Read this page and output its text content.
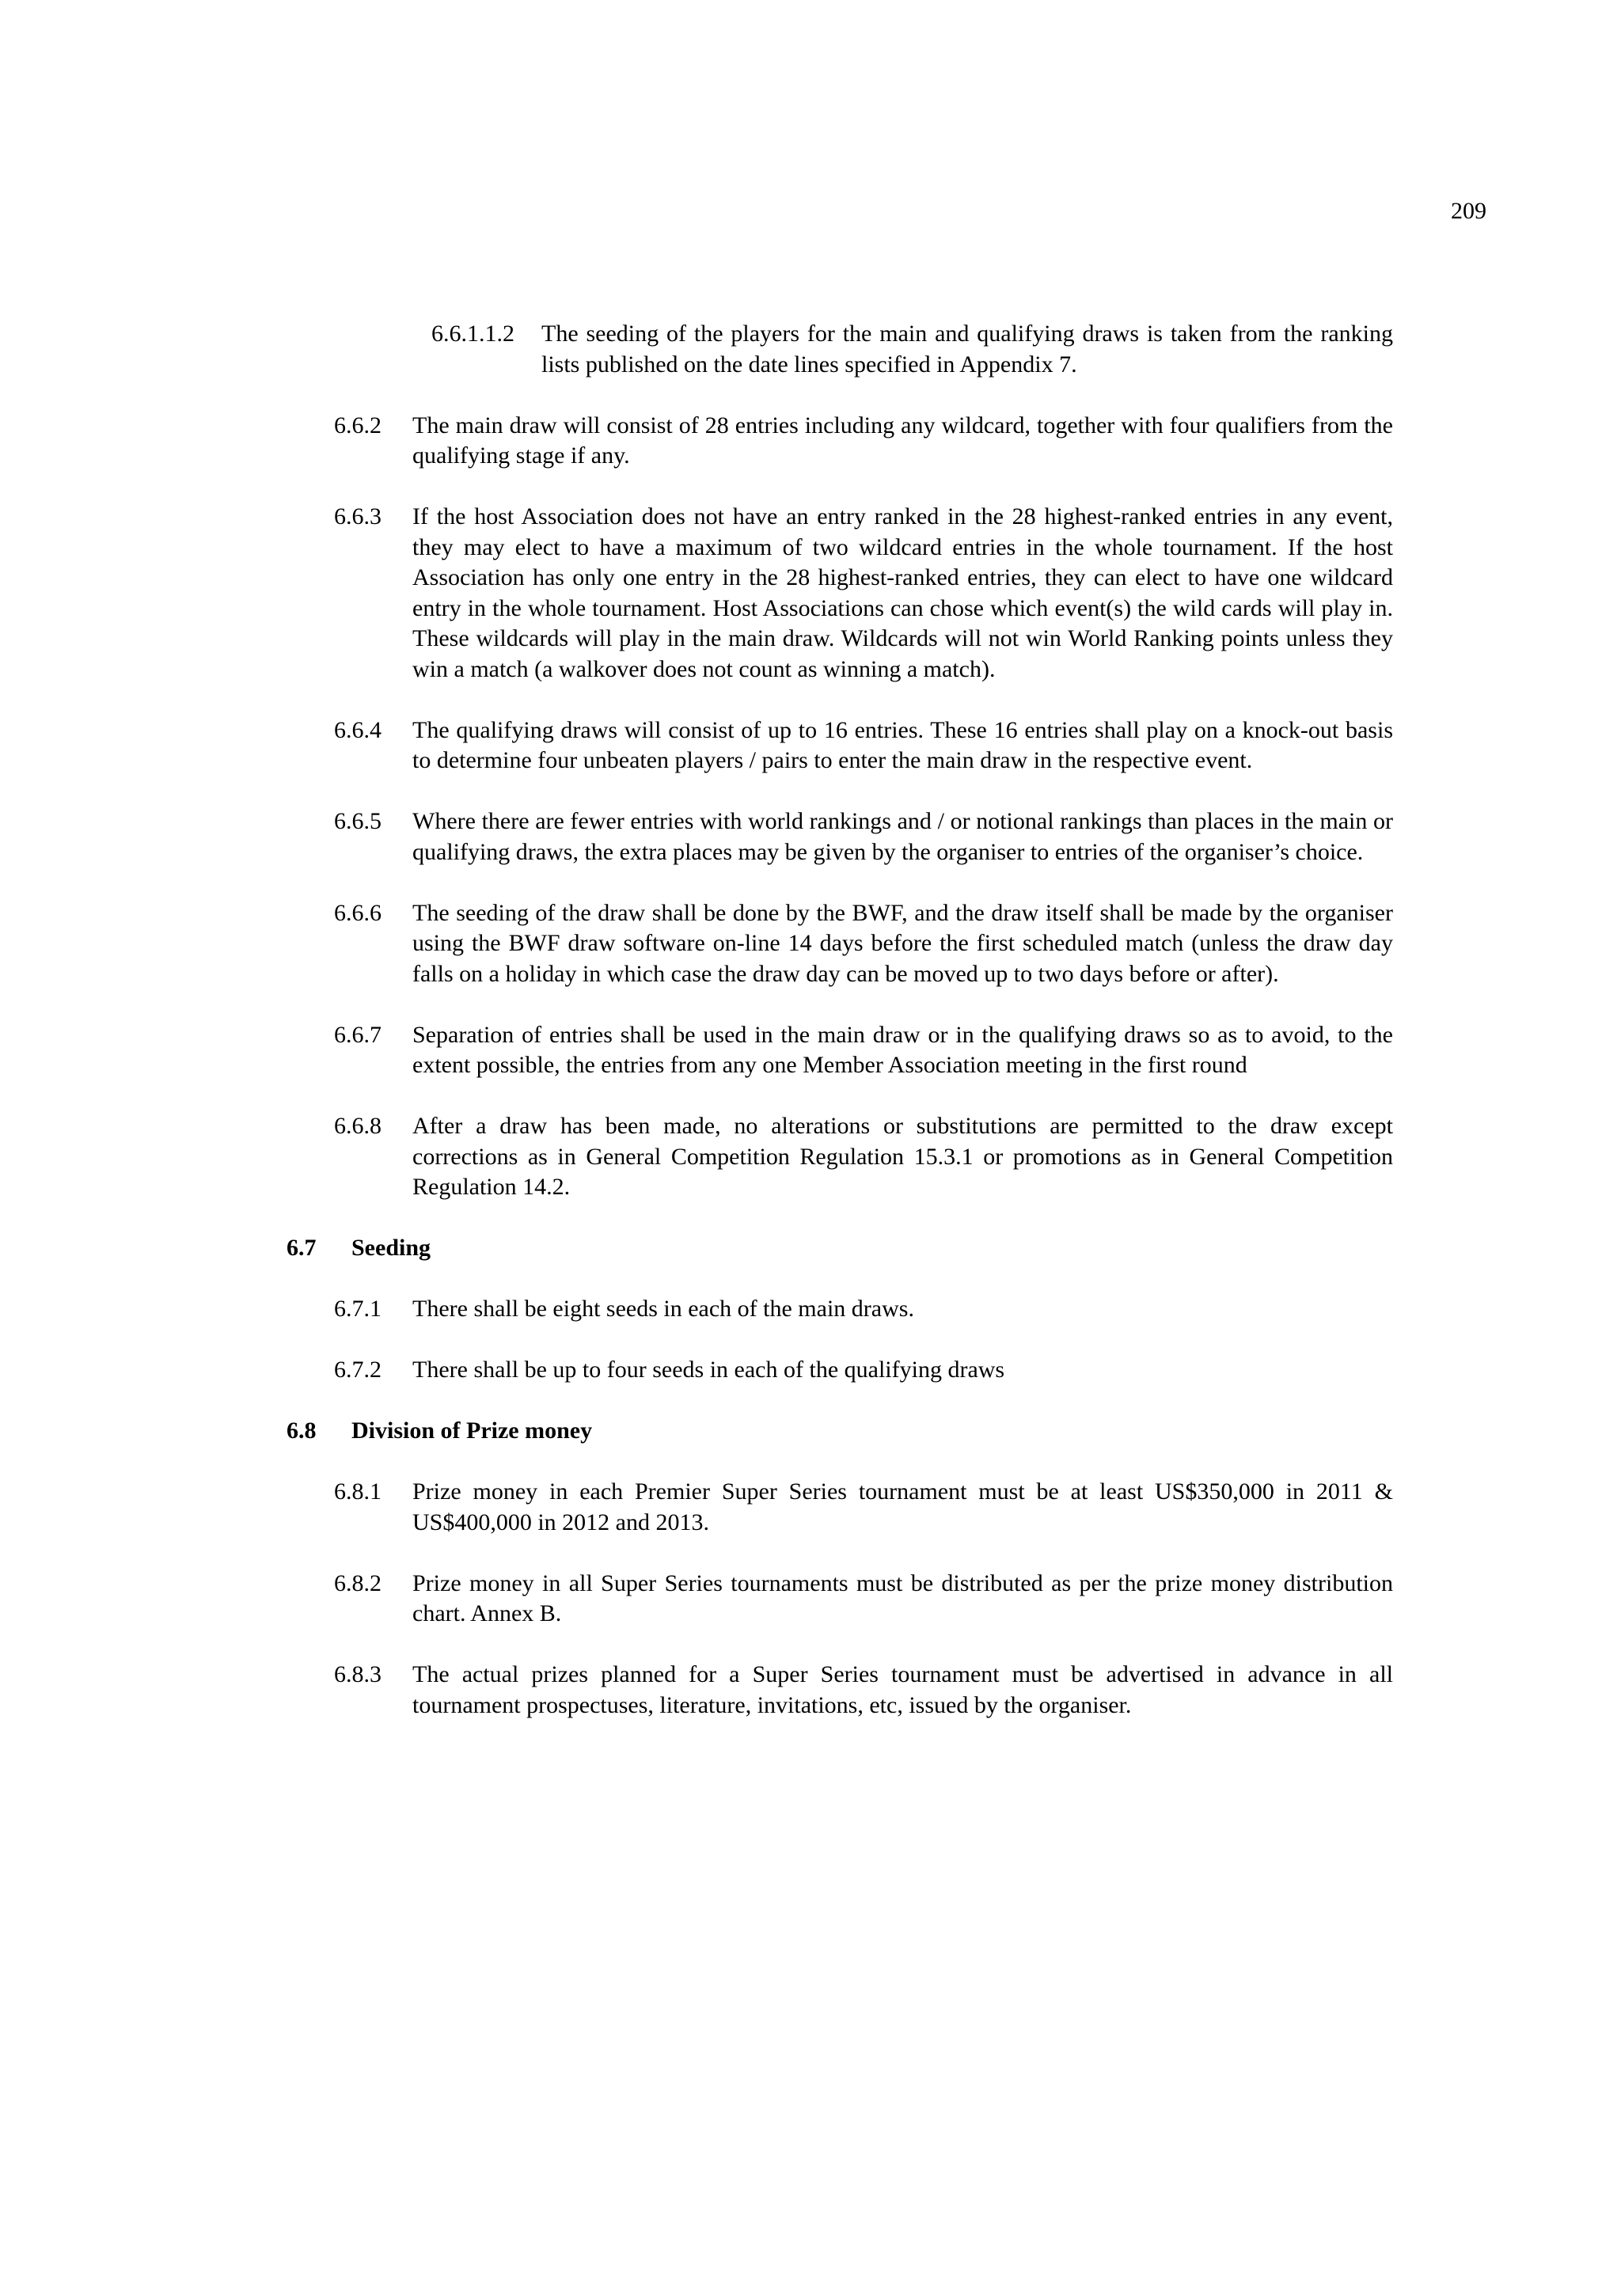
209
6.6.1.1.2	The seeding of the players for the main and qualifying draws is taken from the ranking lists published on the date lines specified in Appendix 7.
6.6.2	The main draw will consist of 28 entries including any wildcard, together with four qualifiers from the qualifying stage if any.
6.6.3	If the host Association does not have an entry ranked in the 28 highest-ranked entries in any event, they may elect to have a maximum of two wildcard entries in the whole tournament. If the host Association has only one entry in the 28 highest-ranked entries, they can elect to have one wildcard entry in the whole tournament. Host Associations can chose which event(s) the wild cards will play in. These wildcards will play in the main draw. Wildcards will not win World Ranking points unless they win a match (a walkover does not count as winning a match).
6.6.4	The qualifying draws will consist of up to 16 entries. These 16 entries shall play on a knock-out basis to determine four unbeaten players / pairs to enter the main draw in the respective event.
6.6.5	Where there are fewer entries with world rankings and / or notional rankings than places in the main or qualifying draws, the extra places may be given by the organiser to entries of the organiser’s choice.
6.6.6	The seeding of the draw shall be done by the BWF, and the draw itself shall be made by the organiser using the BWF draw software on-line 14 days before the first scheduled match (unless the draw day falls on a holiday in which case the draw day can be moved up to two days before or after).
6.6.7	Separation of entries shall be used in the main draw or in the qualifying draws so as to avoid, to the extent possible, the entries from any one Member Association meeting in the first round
6.6.8	After a draw has been made, no alterations or substitutions are permitted to the draw except corrections as in General Competition Regulation 15.3.1 or promotions as in General Competition Regulation 14.2.
6.7	Seeding
6.7.1	There shall be eight seeds in each of the main draws.
6.7.2	There shall be up to four seeds in each of the qualifying draws
6.8	Division of Prize money
6.8.1	Prize money in each Premier Super Series tournament must be at least US$350,000 in 2011 & US$400,000 in 2012 and 2013.
6.8.2	Prize money in all Super Series tournaments must be distributed as per the prize money distribution chart. Annex B.
6.8.3	The actual prizes planned for a Super Series tournament must be advertised in advance in all tournament prospectuses, literature, invitations, etc, issued by the organiser.
